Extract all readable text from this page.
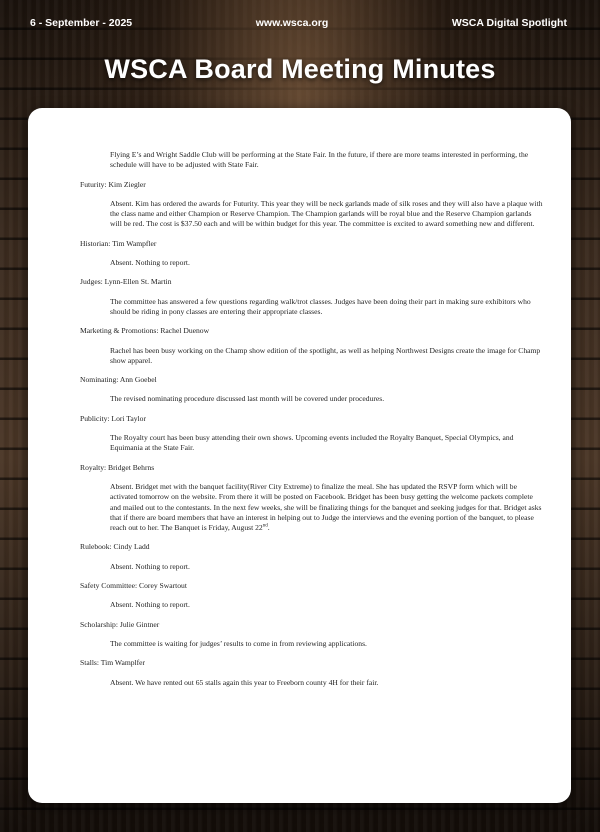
6 - September - 2025	www.wsca.org	WSCA Digital Spotlight
WSCA Board Meeting Minutes

Flying E’s and Wright Saddle Club will be performing at the State Fair. In the future, if there are more teams interested in performing, the schedule will have to be adjusted with State Fair.

Futurity: Kim Ziegler

Absent. Kim has ordered the awards for Futurity. This year they will be neck garlands made of silk roses and they will also have a plaque with the class name and either Champion or Reserve Champion. The Champion garlands will be royal blue and the Reserve Champion garlands will be red. The cost is $37.50 each and will be within budget for this year. The committee is excited to award something new and different.

Historian: Tim Wampfler

Absent. Nothing to report.

Judges: Lynn-Ellen St. Martin

The committee has answered a few questions regarding walk/trot classes. Judges have been doing their part in making sure exhibitors who should be riding in pony classes are entering their appropriate classes.

Marketing & Promotions: Rachel Duenow

Rachel has been busy working on the Champ show edition of the spotlight, as well as helping Northwest Designs create the image for Champ show apparel.

Nominating: Ann Goebel

The revised nominating procedure discussed last month will be covered under procedures.

Publicity: Lori Taylor

The Royalty court has been busy attending their own shows. Upcoming events included the Royalty Banquet, Special Olympics, and Equimania at the State Fair.

Royalty: Bridget Behrns

Absent. Bridget met with the banquet facility(River City Extreme) to finalize the meal. She has updated the RSVP form which will be activated tomorrow on the website. From there it will be posted on Facebook. Bridget has been busy getting the welcome packets complete and mailed out to the contestants. In the next few weeks, she will be finalizing things for the banquet and seeking judges for that. Bridget asks that if there are board members that have an interest in helping out to Judge the interviews and the evening portion of the banquet, to please reach out to her. The Banquet is Friday, August 22nd.

Rulebook: Cindy Ladd

Absent. Nothing to report.

Safety Committee: Corey Swartout

Absent. Nothing to report.

Scholarship: Julie Gintner

The committee is waiting for judges’ results to come in from reviewing applications.

Stalls: Tim Wamplfer

Absent. We have rented out 65 stalls again this year to Freeborn county 4H for their fair.
